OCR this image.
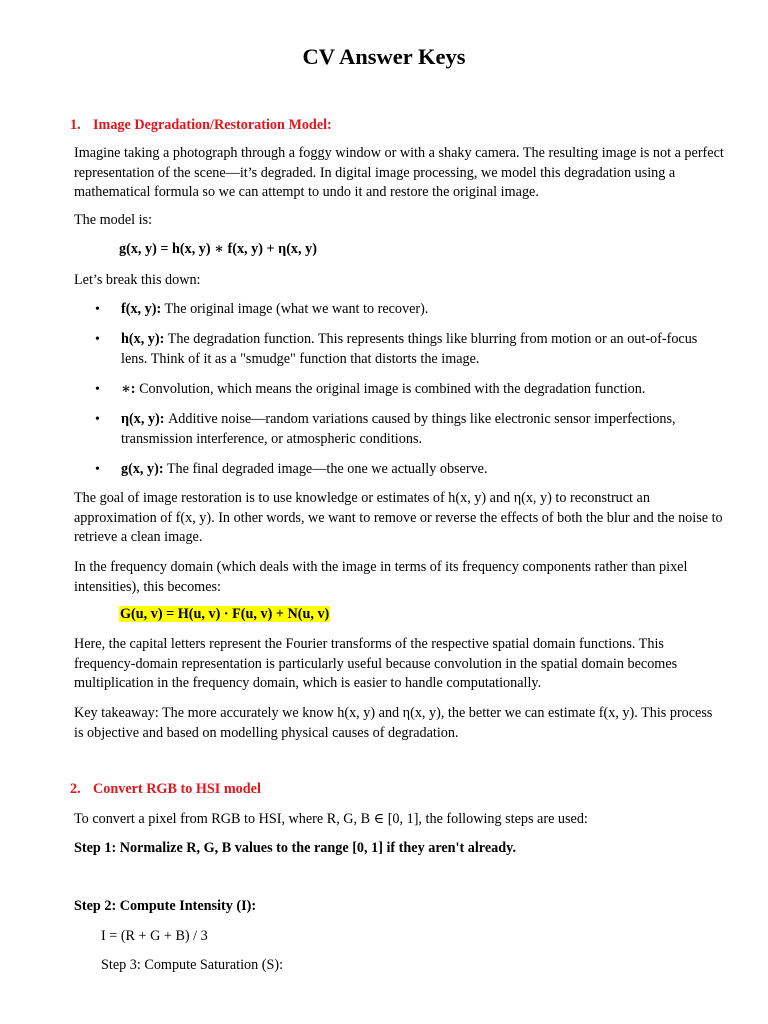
CV Answer Keys

1. Image Degradation/Restoration Model:

Imagine taking a photograph through a foggy window or with a shaky camera. The resulting image is not a perfect representation of the scene—it’s degraded. In digital image processing, we model this degradation using a mathematical formula so we can attempt to undo it and restore the original image.

The model is:

g(x, y) = h(x, y) ∗ f(x, y) + η(x, y)

Let’s break this down:

•	f(x, y): The original image (what we want to recover).
•	h(x, y): The degradation function. This represents things like blurring from motion or an out-of-focus lens. Think of it as a "smudge" function that distorts the image.
•	∗: Convolution, which means the original image is combined with the degradation function.
•	η(x, y): Additive noise—random variations caused by things like electronic sensor imperfections, transmission interference, or atmospheric conditions.
•	g(x, y): The final degraded image—the one we actually observe.

The goal of image restoration is to use knowledge or estimates of h(x, y) and η(x, y) to reconstruct an approximation of f(x, y). In other words, we want to remove or reverse the effects of both the blur and the noise to retrieve a clean image.

In the frequency domain (which deals with the image in terms of its frequency components rather than pixel intensities), this becomes:

G(u, v) = H(u, v) · F(u, v) + N(u, v)

Here, the capital letters represent the Fourier transforms of the respective spatial domain functions. This frequency-domain representation is particularly useful because convolution in the spatial domain becomes multiplication in the frequency domain, which is easier to handle computationally.

Key takeaway: The more accurately we know h(x, y) and η(x, y), the better we can estimate f(x, y). This process is objective and based on modelling physical causes of degradation.

2. Convert RGB to HSI model

To convert a pixel from RGB to HSI, where R, G, B ∈ [0, 1], the following steps are used:

Step 1: Normalize R, G, B values to the range [0, 1] if they aren't already.

Step 2: Compute Intensity (I):

I = (R + G + B) / 3

Step 3: Compute Saturation (S):
